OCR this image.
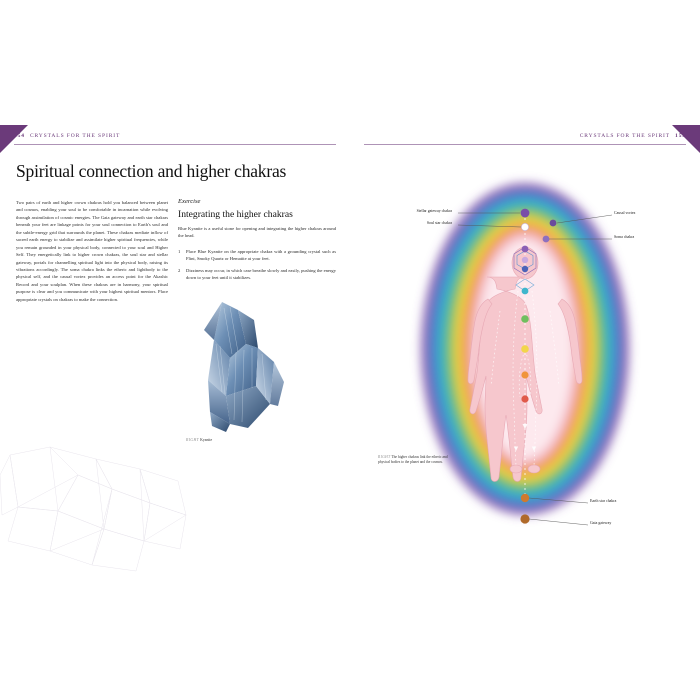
154 CRYSTALS FOR THE SPIRIT
Spiritual connection and higher chakras
Two pairs of earth and higher crown chakras hold you balanced between planet and cosmos, enabling your soul to be comfortable in incarnation while evolving through assimilation of cosmic energies. The Gaia gateway and earth star chakras beneath your feet are linkage points for your soul connection to Earth's soul and the subtle-energy grid that surrounds the planet. These chakras mediate inflow of sacred earth energy to stabilize and assimilate higher spiritual frequencies, while you remain grounded in your physical body, connected to your soul and Higher Self. They energetically link to higher crown chakras, the soul star and stellar gateway, portals for channelling spiritual light into the physical body, raising its vibrations accordingly. The soma chakra links the etheric and lightbody to the physical self, and the causal vortex provides an access point for the Akashic Record and your soulplan. When these chakras are in harmony, your spiritual purpose is clear and you communicate with your highest spiritual mentors. Place appropriate crystals on chakras to make the connection.
Exercise
Integrating the higher chakras
Blue Kyanite is a useful stone for opening and integrating the higher chakras around the head.
1 Place Blue Kyanite on the appropriate chakra with a grounding crystal such as Flint, Smoky Quartz or Hematite at your feet.
2 Dizziness may occur, in which case breathe slowly and easily, pushing the energy down to your feet until it stabilizes.
RIGHT Kyanite
CRYSTALS FOR THE SPIRIT 155
Stellar gateway chakra
Soul star chakra
Causal vortex
Soma chakra
Earth star chakra
Gaia gateway
RIGHT The higher chakras link the etheric and physical bodies to the planet and the cosmos.
